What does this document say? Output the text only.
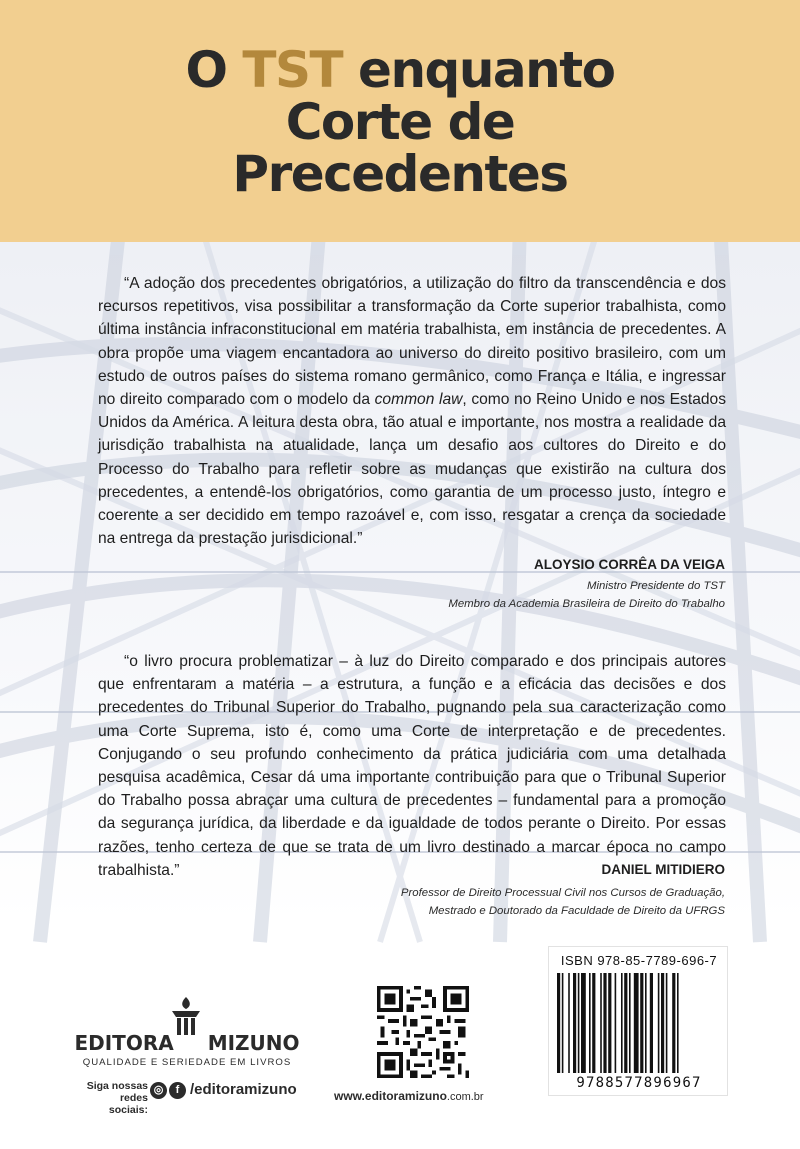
O TST enquanto
Corte de
Precedentes

“A adoção dos precedentes obrigatórios, a utilização do filtro da transcendência e dos recursos repetitivos, visa possibilitar a transformação da Corte superior trabalhista, como última instância infraconstitucional em matéria trabalhista, em instância de precedentes. A obra propõe uma viagem encantadora ao universo do direito positivo brasileiro, com um estudo de outros países do sistema romano germânico, como França e Itália, e ingressar no direito comparado com o modelo da common law, como no Reino Unido e nos Estados Unidos da América. A leitura desta obra, tão atual e importante, nos mostra a realidade da jurisdição trabalhista na atualidade, lança um desafio aos cultores do Direito e do Processo do Trabalho para refletir sobre as mudanças que existirão na cultura dos precedentes, a entendê-los obrigatórios, como garantia de um processo justo, íntegro e coerente a ser decidido em tempo razoável e, com isso, resgatar a crença da sociedade na entrega da prestação jurisdicional.”

ALOYSIO CORRÊA DA VEIGA
Ministro Presidente do TST
Membro da Academia Brasileira de Direito do Trabalho

“o livro procura problematizar – à luz do Direito comparado e dos principais autores que enfrentaram a matéria – a estrutura, a função e a eficácia das decisões e dos precedentes do Tribunal Superior do Trabalho, pugnando pela sua caracterização como uma Corte Suprema, isto é, como uma Corte de interpretação e de precedentes. Conjugando o seu profundo conhecimento da prática judiciária com uma detalhada pesquisa acadêmica, Cesar dá uma importante contribuição para que o Tribunal Superior do Trabalho possa abraçar uma cultura de precedentes – fundamental para a promoção da segurança jurídica, da liberdade e da igualdade de todos perante o Direito. Por essas razões, tenho certeza de que se trata de um livro destinado a marcar época no campo trabalhista.”	DANIEL MITIDIERO
Professor de Direito Processual Civil nos Cursos de Graduação,
Mestrado e Doutorado da Faculdade de Direito da UFRGS
EDITORA MIZUNO
QUALIDADE E SERIEDADE EM LIVROS
Siga nossas
redes sociais:
◎	f /editoramizuno	www.editoramizuno.com.br
ISBN 978-85-7789-696-7
9788577896967
